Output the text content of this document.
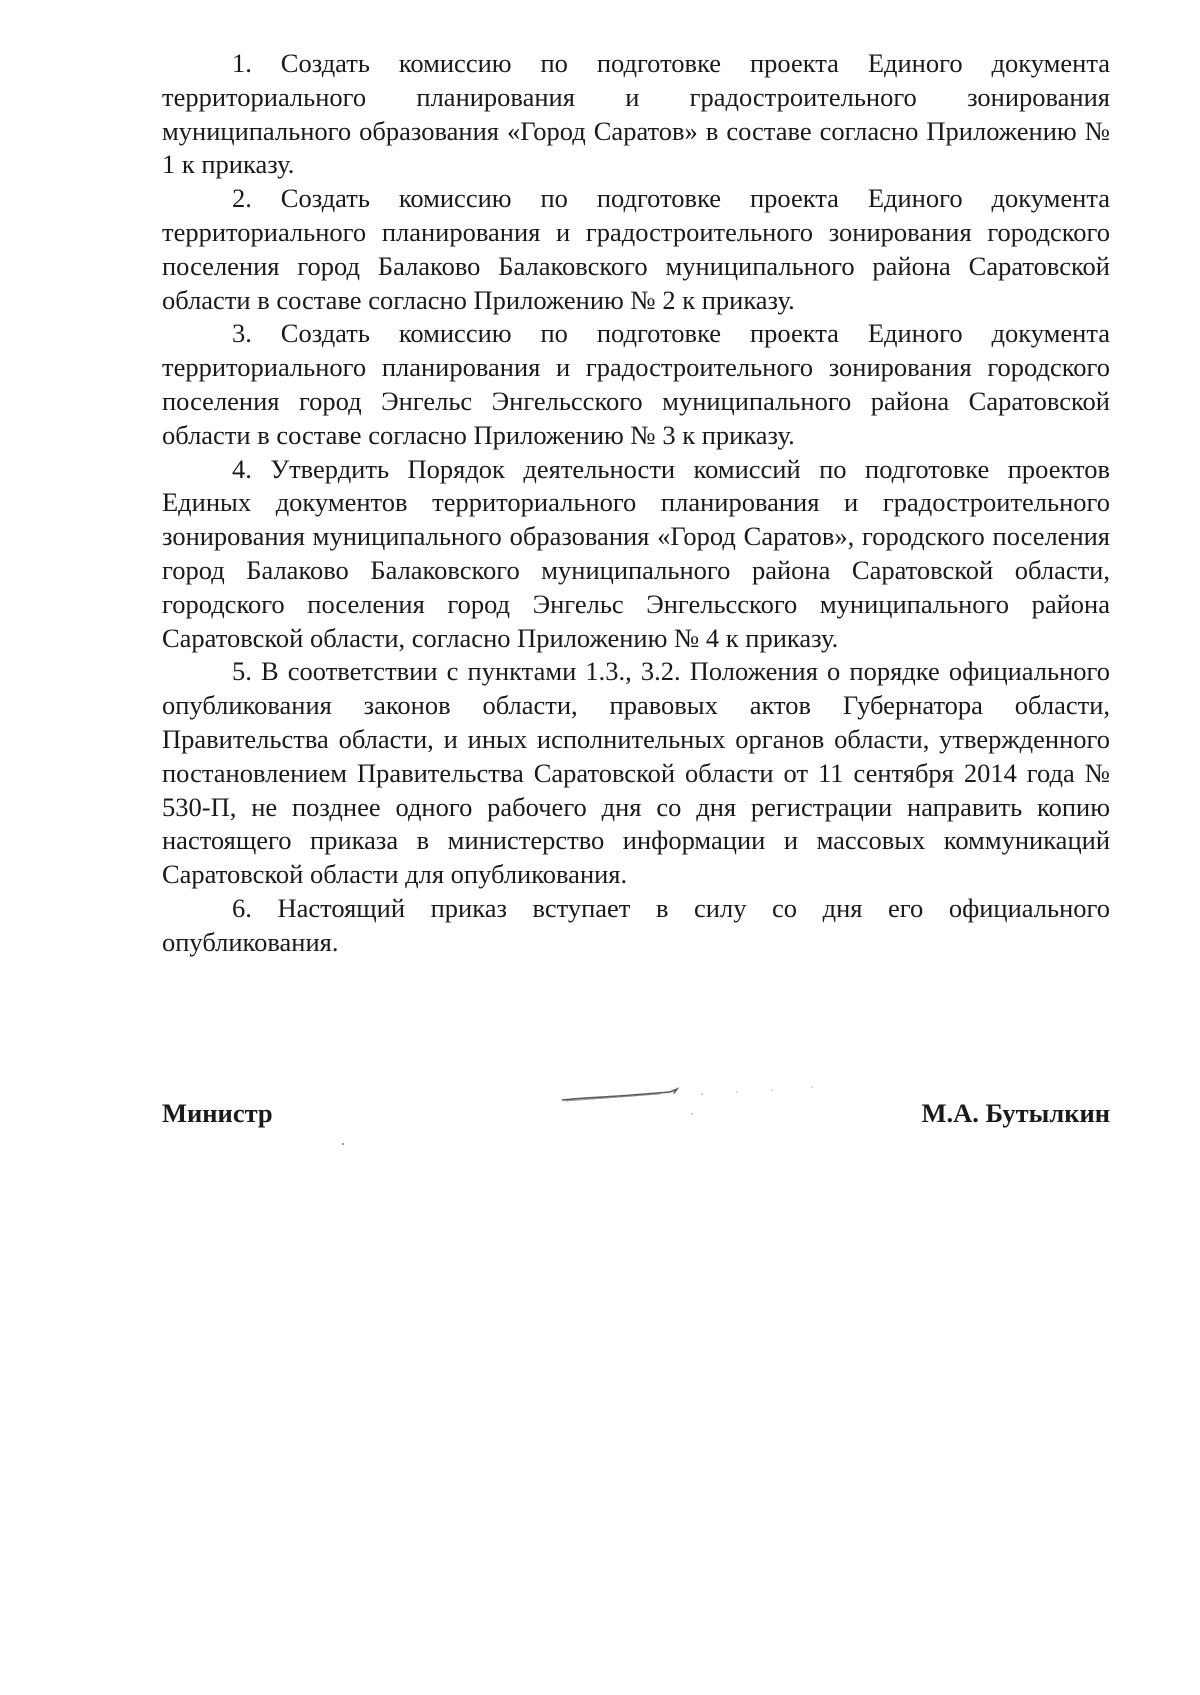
1. Создать комиссию по подготовке проекта Единого документа территориального планирования и градостроительного зонирования муниципального образования «Город Саратов» в составе согласно Приложению № 1 к приказу.

2. Создать комиссию по подготовке проекта Единого документа территориального планирования и градостроительного зонирования городского поселения город Балаково Балаковского муниципального района Саратовской области в составе согласно Приложению № 2 к приказу.

3. Создать комиссию по подготовке проекта Единого документа территориального планирования и градостроительного зонирования городского поселения город Энгельс Энгельсского муниципального района Саратовской области в составе согласно Приложению № 3 к приказу.

4. Утвердить Порядок деятельности комиссий по подготовке проектов Единых документов территориального планирования и градостроительного зонирования муниципального образования «Город Саратов», городского поселения город Балаково Балаковского муниципального района Саратовской области, городского поселения город Энгельс Энгельсского муниципального района Саратовской области, согласно Приложению № 4 к приказу.

5. В соответствии с пунктами 1.3., 3.2. Положения о порядке официального опубликования законов области, правовых актов Губернатора области, Правительства области, и иных исполнительных органов области, утвержденного постановлением Правительства Саратовской области от 11 сентября 2014 года № 530-П, не позднее одного рабочего дня со дня регистрации направить копию настоящего приказа в министерство информации и массовых коммуникаций Саратовской области для опубликования.

6. Настоящий приказ вступает в силу со дня его официального опубликования.

Министр	М.А. Бутылкин
